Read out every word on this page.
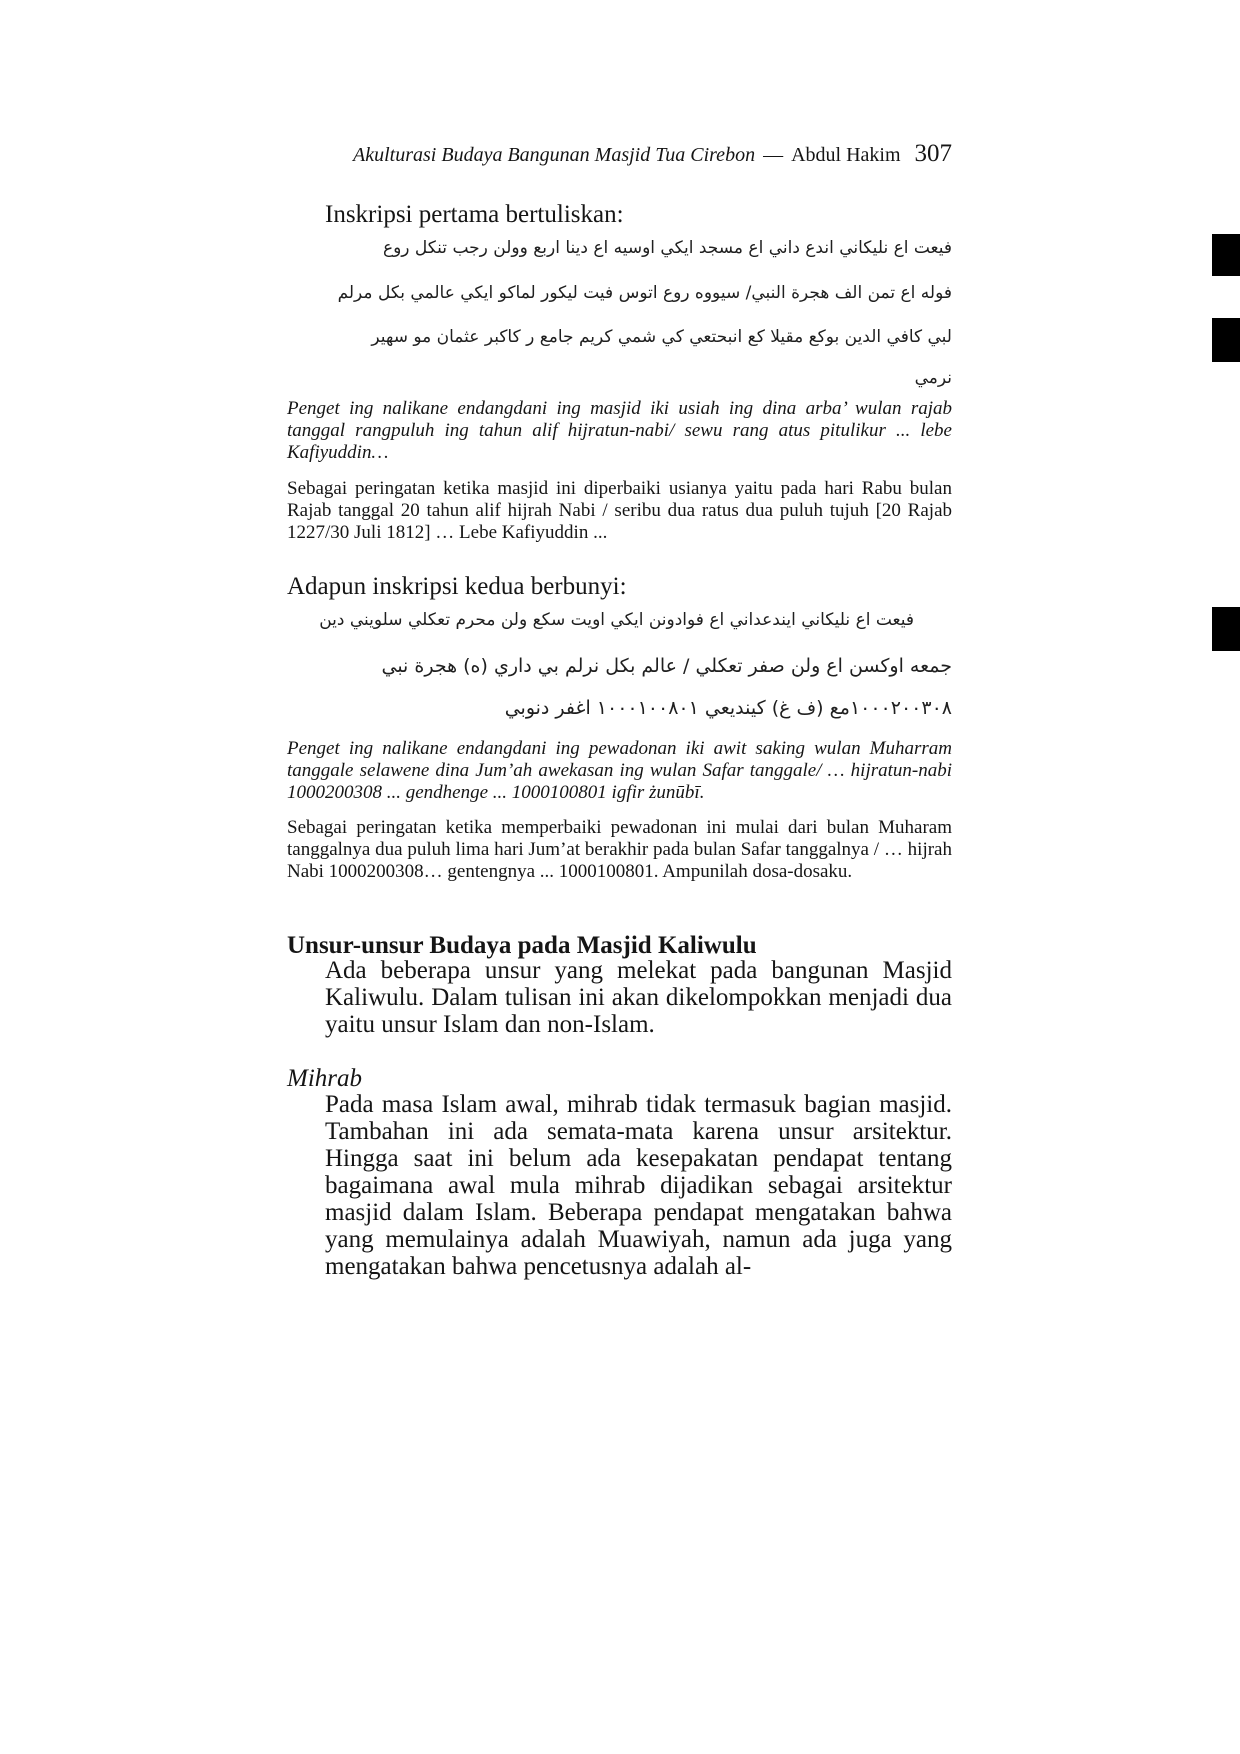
Akulturasi Budaya Bangunan Masjid Tua Cirebon — Abdul Hakim 307
Inskripsi pertama bertuliskan:
فيعت اع نليكاني اندع داني اع مسجد ايكي اوسيه اع دينا اربع وولن رجب تنكل روع
فوله اع تمن الف هجرة النبي/ سيووه روع اتوس فيت ليكور لماكو ايكي عالمي بكل مرلم
لبي كافي الدين بوكع مقيلا كع انبحتعي كي شمي كريم جامع ر كاكبر عثمان مو سهير
نرمي
Penget ing nalikane endangdani ing masjid iki usiah ing dina arba’ wulan rajab tanggal rangpuluh ing tahun alif hijratun-nabi/ sewu rang atus pitulikur ... lebe Kafiyuddin…
Sebagai peringatan ketika masjid ini diperbaiki usianya yaitu pada hari Rabu bulan Rajab tanggal 20 tahun alif hijrah Nabi / seribu dua ratus dua puluh tujuh [20 Rajab 1227/30 Juli 1812] … Lebe Kafiyuddin ...
Adapun inskripsi kedua berbunyi:
فيعت اع نليكاني ايندعداني اع فوادونن ايكي اويت سكع ولن محرم تعكلي سلويني دين
جمعه اوكسن اع ولن صفر تعكلي / عالم بكل نرلم بي داري (ه) هجرة نبي
١٠٠٠٢٠٠٣٠٨مع (ف غ) كينديعي ١٠٠٠١٠٠٨٠١ اغفر دنوبي
Penget ing nalikane endangdani ing pewadonan iki awit saking wulan Muharram tanggale selawene dina Jum’ah awekasan ing wulan Safar tanggale/ … hijratun-nabi 1000200308 ... gendhenge ... 1000100801 igfir żunūbī.
Sebagai peringatan ketika memperbaiki pewadonan ini mulai dari bulan Muharam tanggalnya dua puluh lima hari Jum’at berakhir pada bulan Safar tanggalnya / … hijrah Nabi 1000200308… gentengnya ... 1000100801. Ampunilah dosa-dosaku.
Unsur-unsur Budaya pada Masjid Kaliwulu
Ada beberapa unsur yang melekat pada bangunan Masjid Kaliwulu. Dalam tulisan ini akan dikelompokkan menjadi dua yaitu unsur Islam dan non-Islam.
Mihrab
Pada masa Islam awal, mihrab tidak termasuk bagian masjid. Tambahan ini ada semata-mata karena unsur arsitektur. Hingga saat ini belum ada kesepakatan pendapat tentang bagaimana awal mula mihrab dijadikan sebagai arsitektur masjid dalam Islam. Beberapa pendapat mengatakan bahwa yang memulainya adalah Muawiyah, namun ada juga yang mengatakan bahwa pencetusnya adalah al-
